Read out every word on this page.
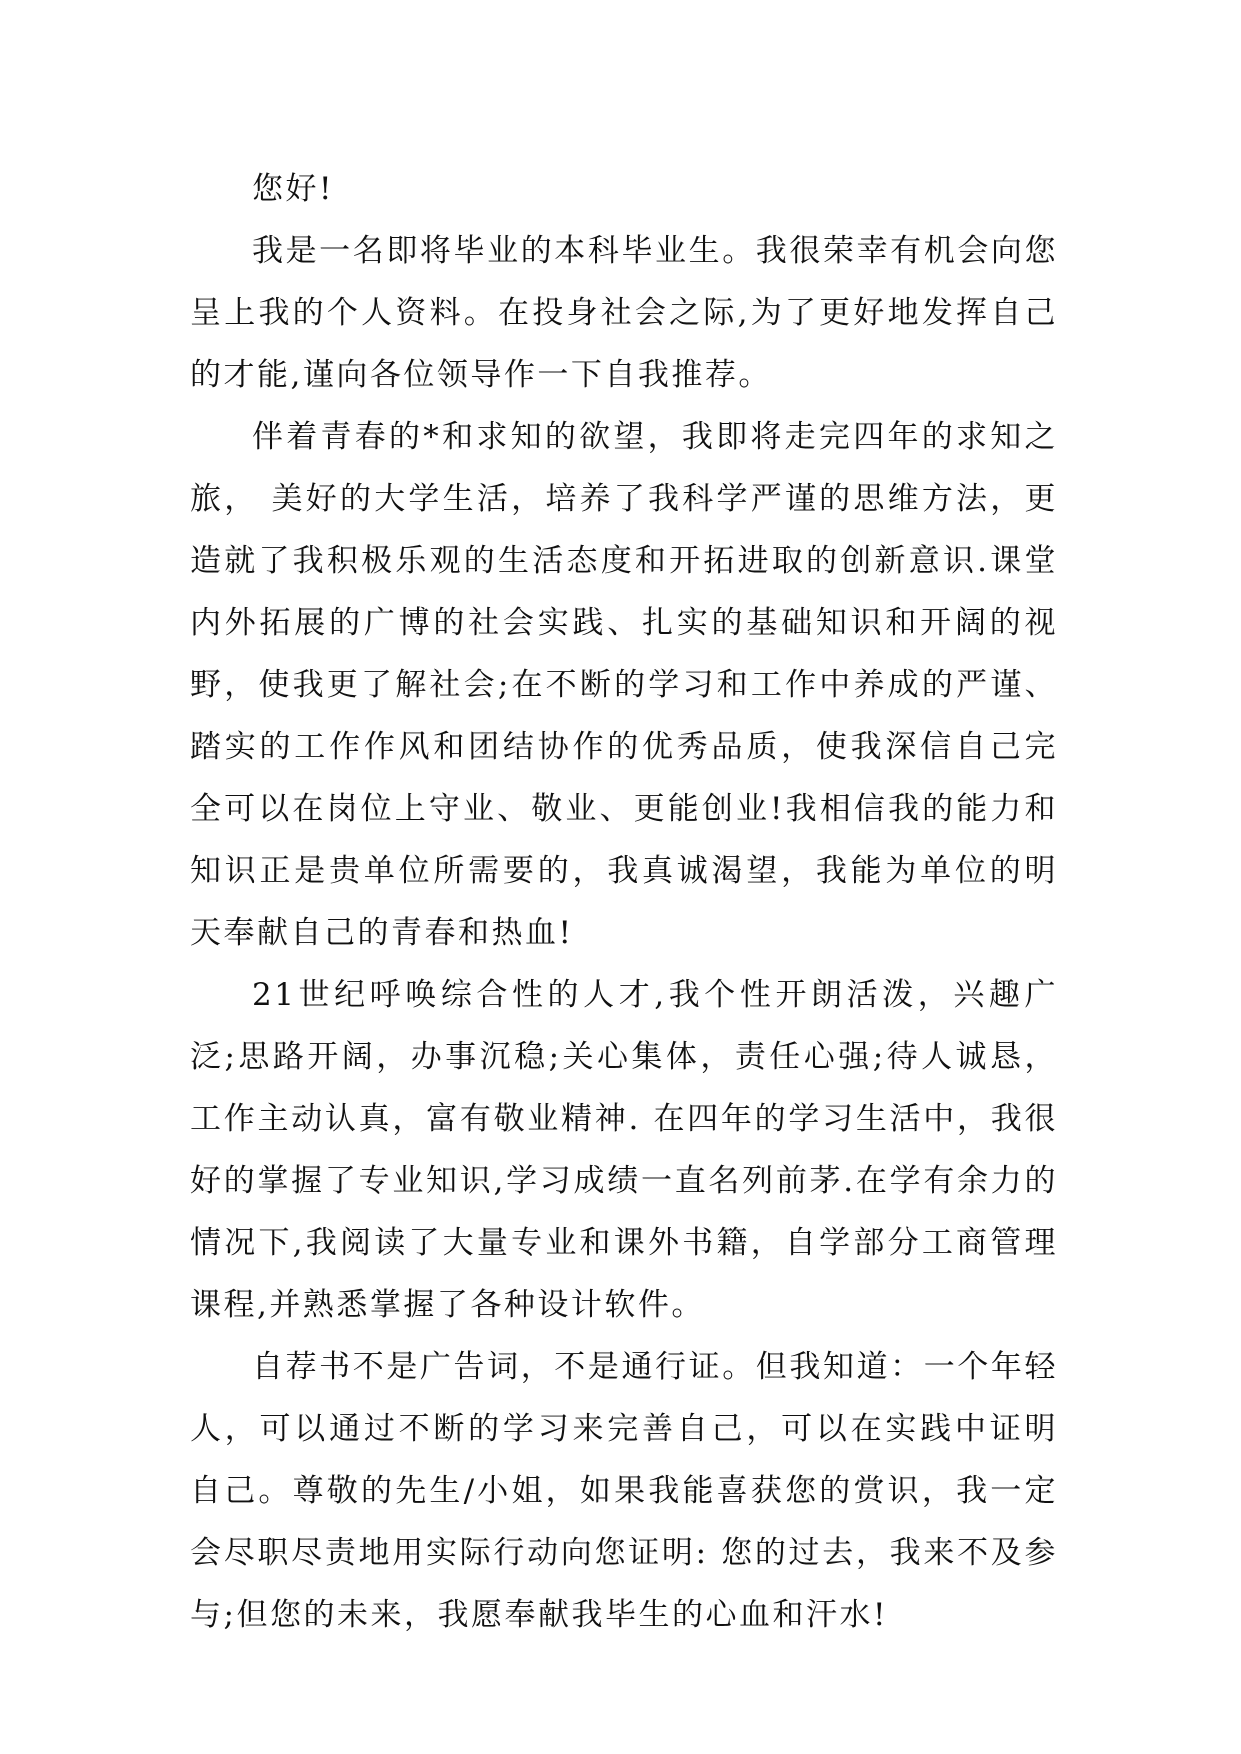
您好!

我是一名即将毕业的本科毕业生。我很荣幸有机会向您呈上我的个人资料。在投身社会之际,为了更好地发挥自己的才能,谨向各位领导作一下自我推荐。

伴着青春的*和求知的欲望，我即将走完四年的求知之旅， 美好的大学生活，培养了我科学严谨的思维方法，更造就了我积极乐观的生活态度和开拓进取的创新意识.课堂内外拓展的广博的社会实践、扎实的基础知识和开阔的视野，使我更了解社会;在不断的学习和工作中养成的严谨、踏实的工作作风和团结协作的优秀品质，使我深信自己完全可以在岗位上守业、敬业、更能创业!我相信我的能力和知识正是贵单位所需要的，我真诚渴望，我能为单位的明天奉献自己的青春和热血!

21世纪呼唤综合性的人才,我个性开朗活泼，兴趣广泛;思路开阔，办事沉稳;关心集体，责任心强;待人诚恳，工作主动认真，富有敬业精神. 在四年的学习生活中，我很好的掌握了专业知识,学习成绩一直名列前茅.在学有余力的情况下,我阅读了大量专业和课外书籍，自学部分工商管理课程,并熟悉掌握了各种设计软件。

自荐书不是广告词，不是通行证。但我知道：一个年轻人，可以通过不断的学习来完善自己，可以在实践中证明自己。尊敬的先生/小姐，如果我能喜获您的赏识，我一定会尽职尽责地用实际行动向您证明: 您的过去，我来不及参与;但您的未来，我愿奉献我毕生的心血和汗水!
